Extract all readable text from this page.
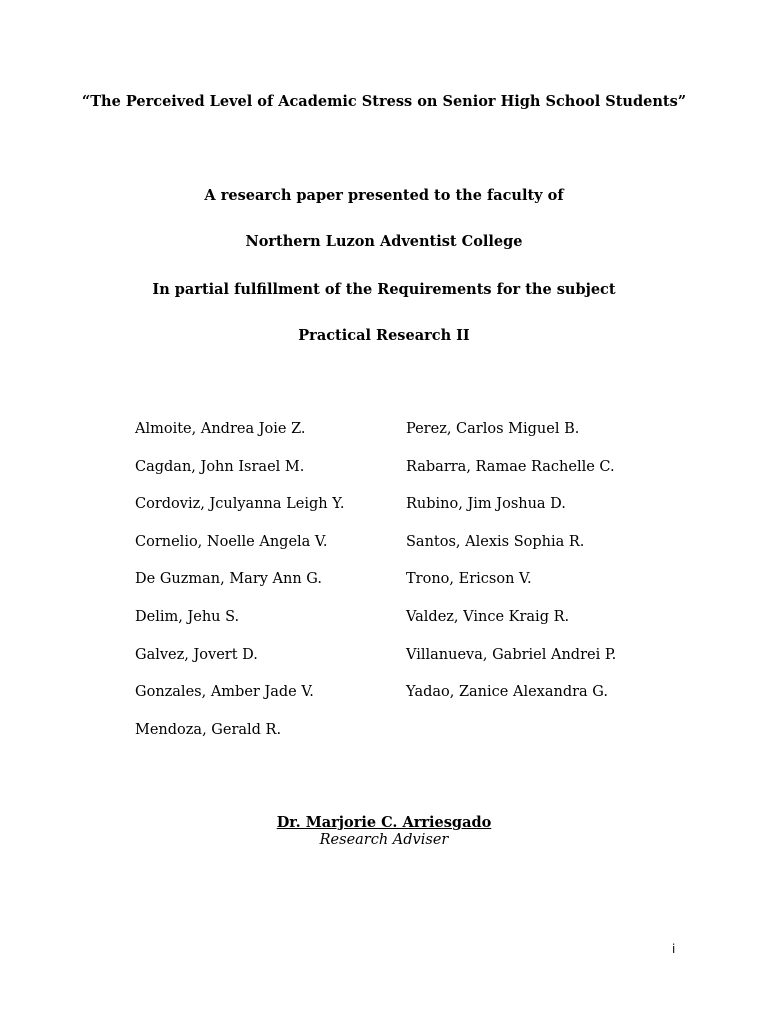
“The Perceived Level of Academic Stress on Senior High School Students”
A research paper presented to the faculty of
Northern Luzon Adventist College
In partial fulfillment of the Requirements for the subject
Practical Research II
Almoite, Andrea Joie Z.
Cagdan, John Israel M.
Cordoviz, Jculyanna Leigh Y.
Cornelio, Noelle Angela V.
De Guzman, Mary Ann G.
Delim, Jehu S.
Galvez, Jovert D.
Gonzales, Amber Jade V.
Mendoza, Gerald R.
Perez, Carlos Miguel B.
Rabarra, Ramae Rachelle C.
Rubino, Jim Joshua D.
Santos, Alexis Sophia R.
Trono, Ericson V.
Valdez, Vince Kraig R.
Villanueva, Gabriel Andrei P.
Yadao, Zanice Alexandra G.
Dr. Marjorie C. Arriesgado
Research Adviser
i
